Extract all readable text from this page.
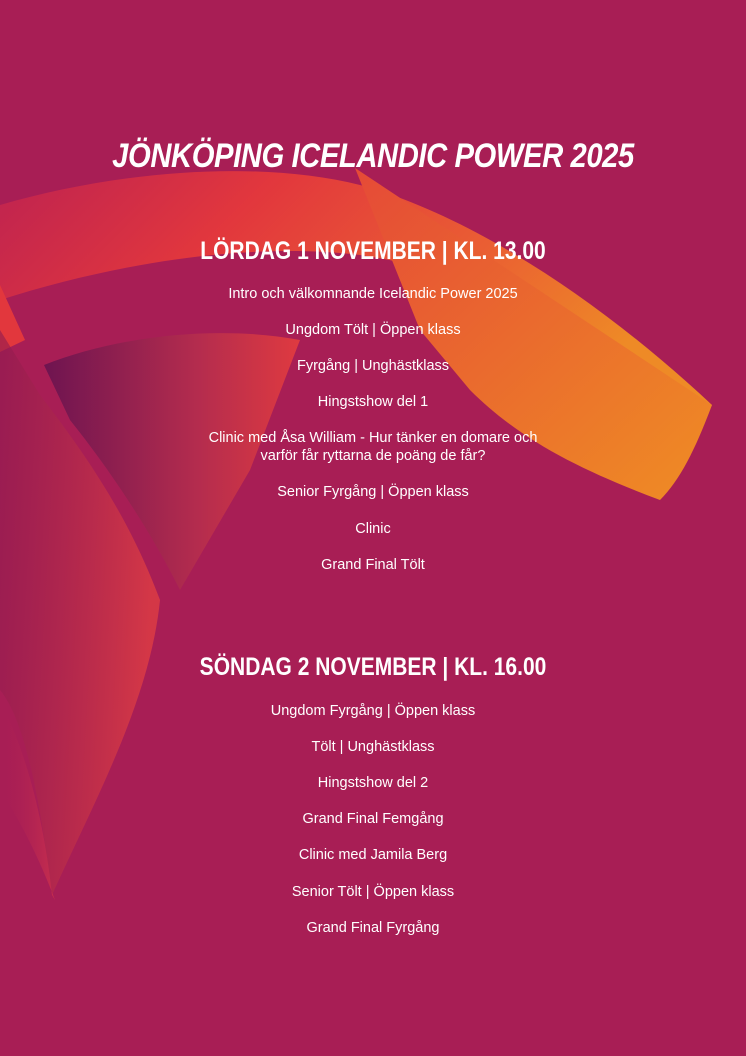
JÖNKÖPING ICELANDIC POWER 2025
LÖRDAG 1 NOVEMBER | KL. 13.00
Intro och välkomnande Icelandic Power 2025
Ungdom Tölt | Öppen klass
Fyrgång | Unghästklass
Hingstshow del 1
Clinic med Åsa William - Hur tänker en domare och
varför får ryttarna de poäng de får?
Senior Fyrgång | Öppen klass
Clinic
Grand Final Tölt
SÖNDAG 2 NOVEMBER | KL. 16.00
Ungdom Fyrgång | Öppen klass
Tölt | Unghästklass
Hingstshow del 2
Grand Final Femgång
Clinic med Jamila Berg
Senior Tölt | Öppen klass
Grand Final Fyrgång
